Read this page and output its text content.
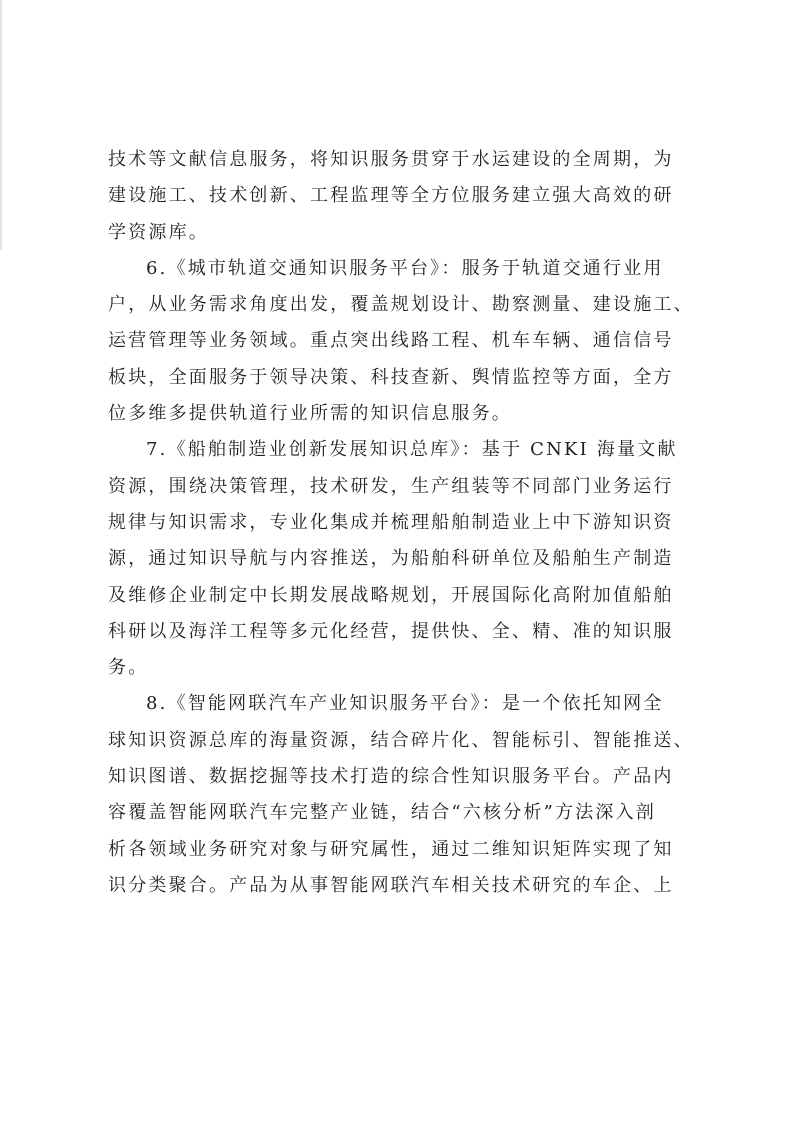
技术等文献信息服务，将知识服务贯穿于水运建设的全周期，为
建设施工、技术创新、工程监理等全方位服务建立强大高效的研
学资源库。
6.《城市轨道交通知识服务平台》：服务于轨道交通行业用
户，从业务需求角度出发，覆盖规划设计、勘察测量、建设施工、
运营管理等业务领域。重点突出线路工程、机车车辆、通信信号
板块，全面服务于领导决策、科技查新、舆情监控等方面，全方
位多维多提供轨道行业所需的知识信息服务。
7.《船舶制造业创新发展知识总库》：基于 CNKI 海量文献
资源，围绕决策管理，技术研发，生产组装等不同部门业务运行
规律与知识需求，专业化集成并梳理船舶制造业上中下游知识资
源，通过知识导航与内容推送，为船舶科研单位及船舶生产制造
及维修企业制定中长期发展战略规划，开展国际化高附加值船舶
科研以及海洋工程等多元化经营，提供快、全、精、准的知识服
务。
8.《智能网联汽车产业知识服务平台》：是一个依托知网全
球知识资源总库的海量资源，结合碎片化、智能标引、智能推送、
知识图谱、数据挖掘等技术打造的综合性知识服务平台。产品内
容覆盖智能网联汽车完整产业链，结合“六核分析”方法深入剖
析各领域业务研究对象与研究属性，通过二维知识矩阵实现了知
识分类聚合。产品为从事智能网联汽车相关技术研究的车企、上
